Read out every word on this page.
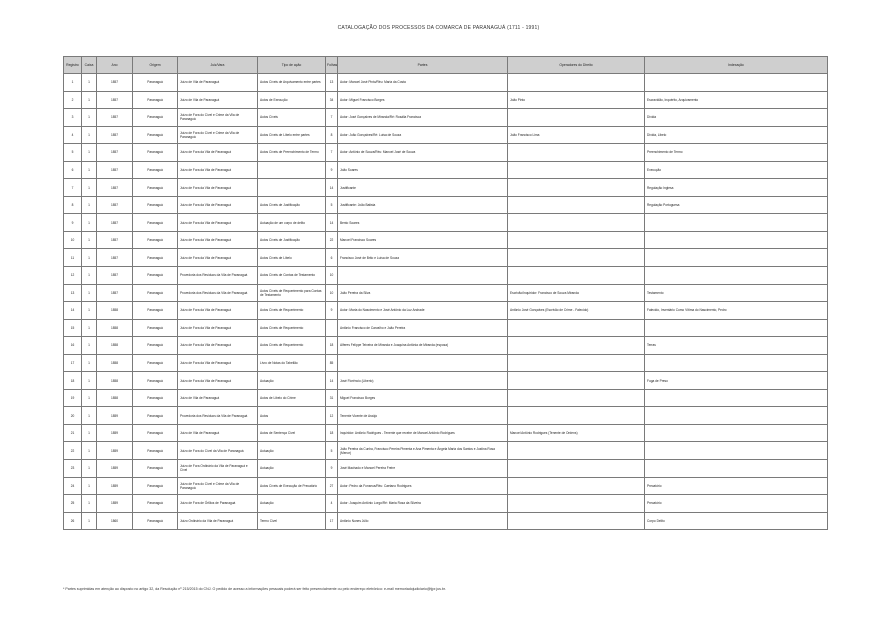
CATALOGAÇÃO DOS PROCESSOS DA COMARCA DE PARANAGUÁ (1711 - 1991)
Registro	Caixa	Ano	Origem	Juiz/Vara	Tipo de ação	Folhas	Partes	Operadores do Direito	Indexação
1	1	1857	Paranaguá	Juízo de Vila de Paranaguá	Autos Cíveis de Arquivamento entre partes	13	Autor: Manoel José Pinto/Réu: Maria da Costa		
2	1	1857	Paranaguá	Juízo de Vila de Paranaguá	Autos de Execução	34	Autor: Miguel Francisco Borges	João Pinto	Escravidão, Inquérito, Arquivamento
3	1	1857	Paranaguá	Juízo de Fora do Cível e Crime da Vila de Paranaguá	Autos Cíveis	7	Autor: José Gonçalves de Miranda/Ré: Rosália Francisca		Dívida
4	1	1857	Paranaguá	Juízo de Fora do Cível e Crime da Vila de Paranaguá	Autos Cíveis de Libelo entre partes	8	Autor: João Gonçalves/Ré: Luísa de Souza	João Francisco Lima	Dívida, Libelo
5	1	1857	Paranaguá	Juízo de Fora da Vila de Paranaguá	Autos Cíveis de Preenchimento de Termo	7	Autor: Antônio de Souza/Réu: Manoel José de Souza		Preenchimento de Termo
6	1	1857	Paranaguá	Juízo de Fora da Vila de Paranaguá		9	João Soares		Execução
7	1	1857	Paranaguá	Juízo de Fora da Vila de Paranaguá		14	Justificante		Regulação Inglesa
8	1	1857	Paranaguá	Juízo de Fora da Vila de Paranaguá	Autos Cíveis de Justificação	5	Justificante: João Batista		Regulação Portuguesa
9	1	1857	Paranaguá	Juízo de Fora da Vila de Paranaguá	Autuação de um corpo de delito	14	Bento Soares		
10	1	1857	Paranaguá	Juízo de Fora da Vila de Paranaguá	Autos Cíveis de Justificação	22	Manoel Francisco Soares		
11	1	1857	Paranaguá	Juízo de Fora da Vila de Paranaguá	Autos Cíveis de Libelo	6	Francisco José de Brito e Luísa de Souza		
12	1	1857	Paranaguá	Provedoria dos Resíduos da Vila de Paranaguá	Autos Cíveis de Contas de Testamento	10			
13	1	1857	Paranaguá	Provedoria dos Resíduos da Vila de Paranaguá	Autos Cíveis de Requerimento para Contas de Testamento	10	João Pereira da Silva	Escrivão/Inquiridor: Francisco de Souza Miranda	Testamento
14	1	1858	Paranaguá	Juízo de Fora da Vila de Paranaguá	Autos Cíveis de Requerimento	9	Autor: Maria do Nascimento e José Antônio da Luz Andrade	Antônio José Gonçalves (Escrivão de Crime - Falecido)	Falecido, Inventário Como Vítima do Nascimento, Pedro
15	1	1858	Paranaguá	Juízo de Fora da Vila de Paranaguá	Autos Cíveis de Requerimento		Antônio Francisco de Carvalho e João Pereira		
16	1	1858	Paranaguá	Juízo de Fora da Vila de Paranaguá	Autos Cíveis de Requerimento	18	Alferes Felippe Teixeira de Miranda e Joaquina Antônia de Miranda (esposa)		Terras
17	1	1858	Paranaguá	Juízo de Fora da Vila de Paranaguá	Livro de Notas do Tabelião	85			
18	1	1858	Paranaguá	Juízo de Fora da Vila de Paranaguá	Autuação	14	José Florêncio (Liberto)		Fuga de Preso
19	1	1858	Paranaguá	Juízo de Vila de Paranaguá	Autos de Libelo do Crime	31	Miguel Francisco Borges		
20	1	1859	Paranaguá	Provedoria dos Resíduos da Vila de Paranaguá	Autos	12	Tenente Vicente de Araújo		
21	1	1859	Paranaguá	Juízo de Vila de Paranaguá	Autos de Sentença Cível	18	Inquiridor: Antônio Rodrigues - Tenente que recebe de Manoel Antônio Rodrigues	Manoel Antônio Rodrigues (Tenente de Ordens)	
22	1	1859	Paranaguá	Juízo de Fora do Cível da Vila de Paranaguá	Autuação	5	João Pereira da Cunha, Francisco Pereira Pimenta e Ana Pimenta e Ângela Maria dos Santos e Justina Rosa (Menor)		
23	1	1859	Paranaguá	Juízo de Fora Ordinário da Vila de Paranaguá e Cível	Autuação	9	José Machado e Manoel Pereira Freire		
24	1	1859	Paranaguá	Juízo de Fora do Cível e Crime da Vila de Paranaguá	Autos Cíveis de Execução de Precatório	27	Autor: Pedro da Fonseca/Réu: Caetano Rodrigues		Precatório
25	1	1859	Paranaguá	Juízo de Fora de Órfãos de Paranaguá	Autuação	4	Autor: Joaquim Antônio Lorgo/Ré: Maria Rosa da Silveira		Precatório
26	1	1860	Paranaguá	Juízo Ordinário da Vila de Paranaguá	Termo Cível	17	Antônio Nunes Júlio		Corpo Delito
* Partes suprimidas em atenção ao disposto no artigo 32, da Resolução nº 215/2015 do CNJ. O pedido de acesso a informações pessoais poderá ser feito presencialmente ou pelo endereço eletrônico: e-mail memoriadojudiciario@tjpr.jus.br.
